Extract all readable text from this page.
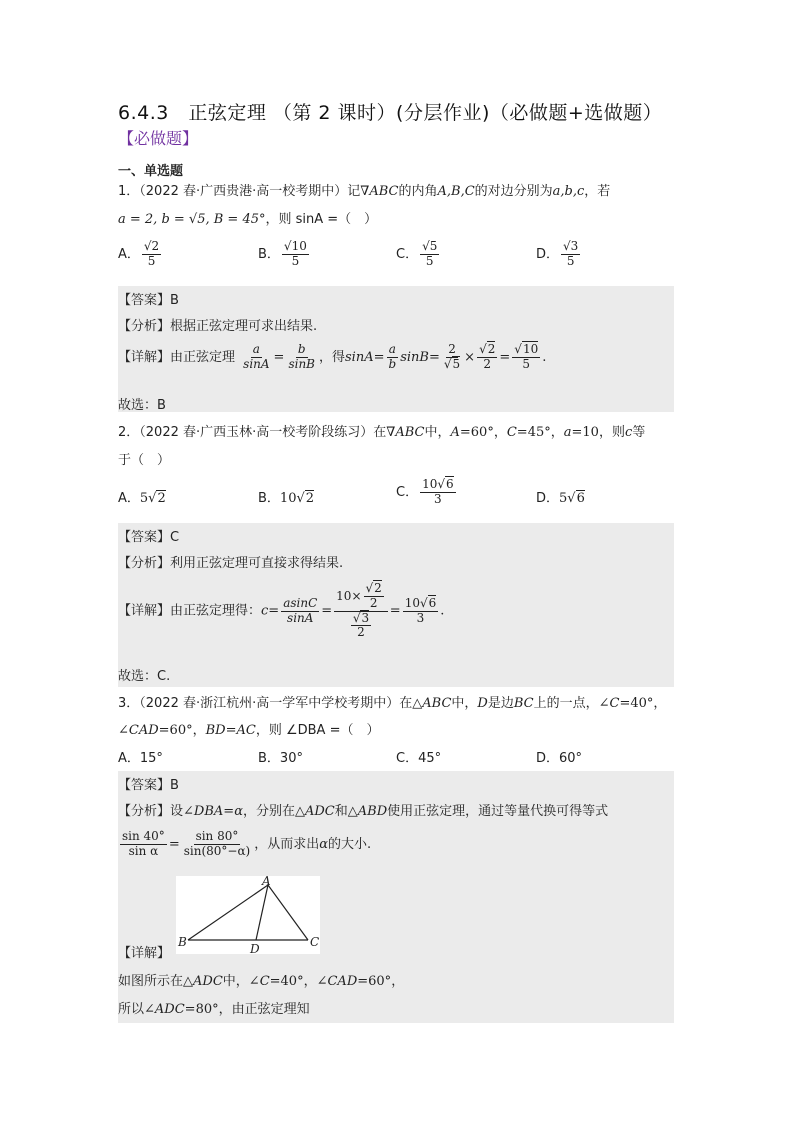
6.4.3　正弦定理 （第 2 课时）(分层作业)（必做题+选做题）
【必做题】
一、单选题
1．（2022 春·广西贵港·高一校考期中）记∇ABC的内角A,B,C的对边分别为a,b,c，若
a = 2, b = √5, B = 45°，则 sinA =（　）
A． $\frac{√2}{5}$	B． $\frac{√10}{5}$	C． $\frac{√5}{5}$	D． $\frac{√3}{5}$
【答案】B
【分析】根据正弦定理可求出结果.
【详解】由正弦定理 $\frac{a}{\sin A} = \frac{b}{\sin B}$ ，得$\sin A= \frac{a}{b} \sin B= \frac{2}{√5} \times \frac{√2}{2} = \frac{√10}{5}$ .
故选：B
2．（2022 春·广西玉林·高一校考阶段练习）在∇ABC中，A=60°，C=45°，a=10，则c等
于（　）
A．5√2	B．10√2	C． $\frac{10√6}{3}$	D．5√6
【答案】C
【分析】利用正弦定理可直接求得结果.
【详解】由正弦定理得：$c= \frac{asinC}{\sin A} = \frac{10\times \frac{√2}{2}}{\frac{√3}{2}} = \frac{10√6}{3}$ .
故选：C.
3．（2022 春·浙江杭州·高一学军中学校考期中）在△ABC中，D是边BC上的一点，∠C=40°，
∠CAD=60°，BD=AC，则 ∠DBA =（　）
A．15°	B．30°	C．45°	D．60°
【答案】B
【分析】设∠DBA=α，分别在△ADC和△ABD使用正弦定理，通过等量代换可得等式
$\frac{\sin 40^\circ}{\text{sin α}} = \frac{\sin 80^\circ}{\sin(80^\circ-\alpha)}$ ，从而求出α的大小.
A
B	C
D
【详解】
如图所示在△ADC中，∠C=40°，∠CAD=60°，
所以∠ADC=80°，由正弦定理知
